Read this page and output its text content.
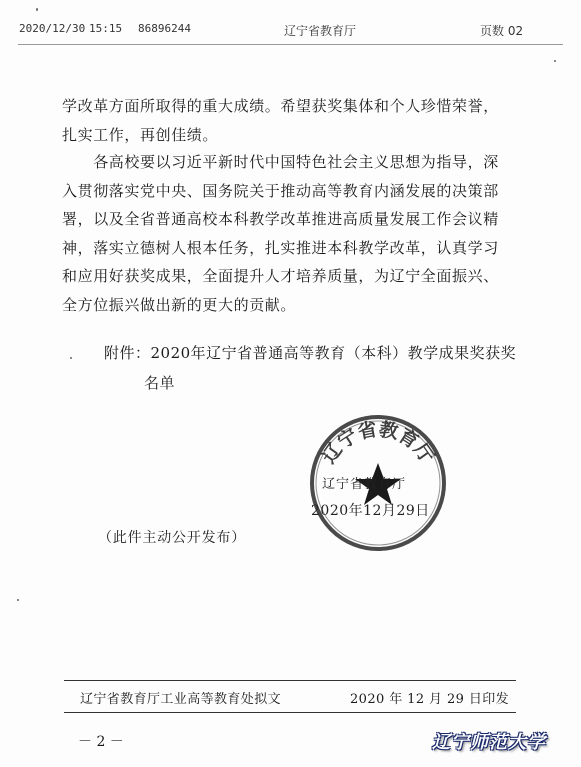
2020/12/30 15:15 86896244	辽宁省教育厅	页数 02

学改革方面所取得的重大成绩。希望获奖集体和个人珍惜荣誉，

扎实工作，再创佳绩。

　　各高校要以习近平新时代中国特色社会主义思想为指导，深

入贯彻落实党中央、国务院关于推动高等教育内涵发展的决策部

署，以及全省普通高校本科教学改革推进高质量发展工作会议精

神，落实立德树人根本任务，扎实推进本科教学改革，认真学习

和应用好获奖成果，全面提升人才培养质量，为辽宁全面振兴、

全方位振兴做出新的更大的贡献。

附件：2020年辽宁省普通高等教育（本科）教学成果奖获奖
名单
辽宁省教育厅
辽宁省教育厅
2020年12月29日
（此件主动公开发布）
辽宁省教育厅工业高等教育处拟文	2020 年 12 月 29 日印发
－ 2 －	辽宁师范大学
